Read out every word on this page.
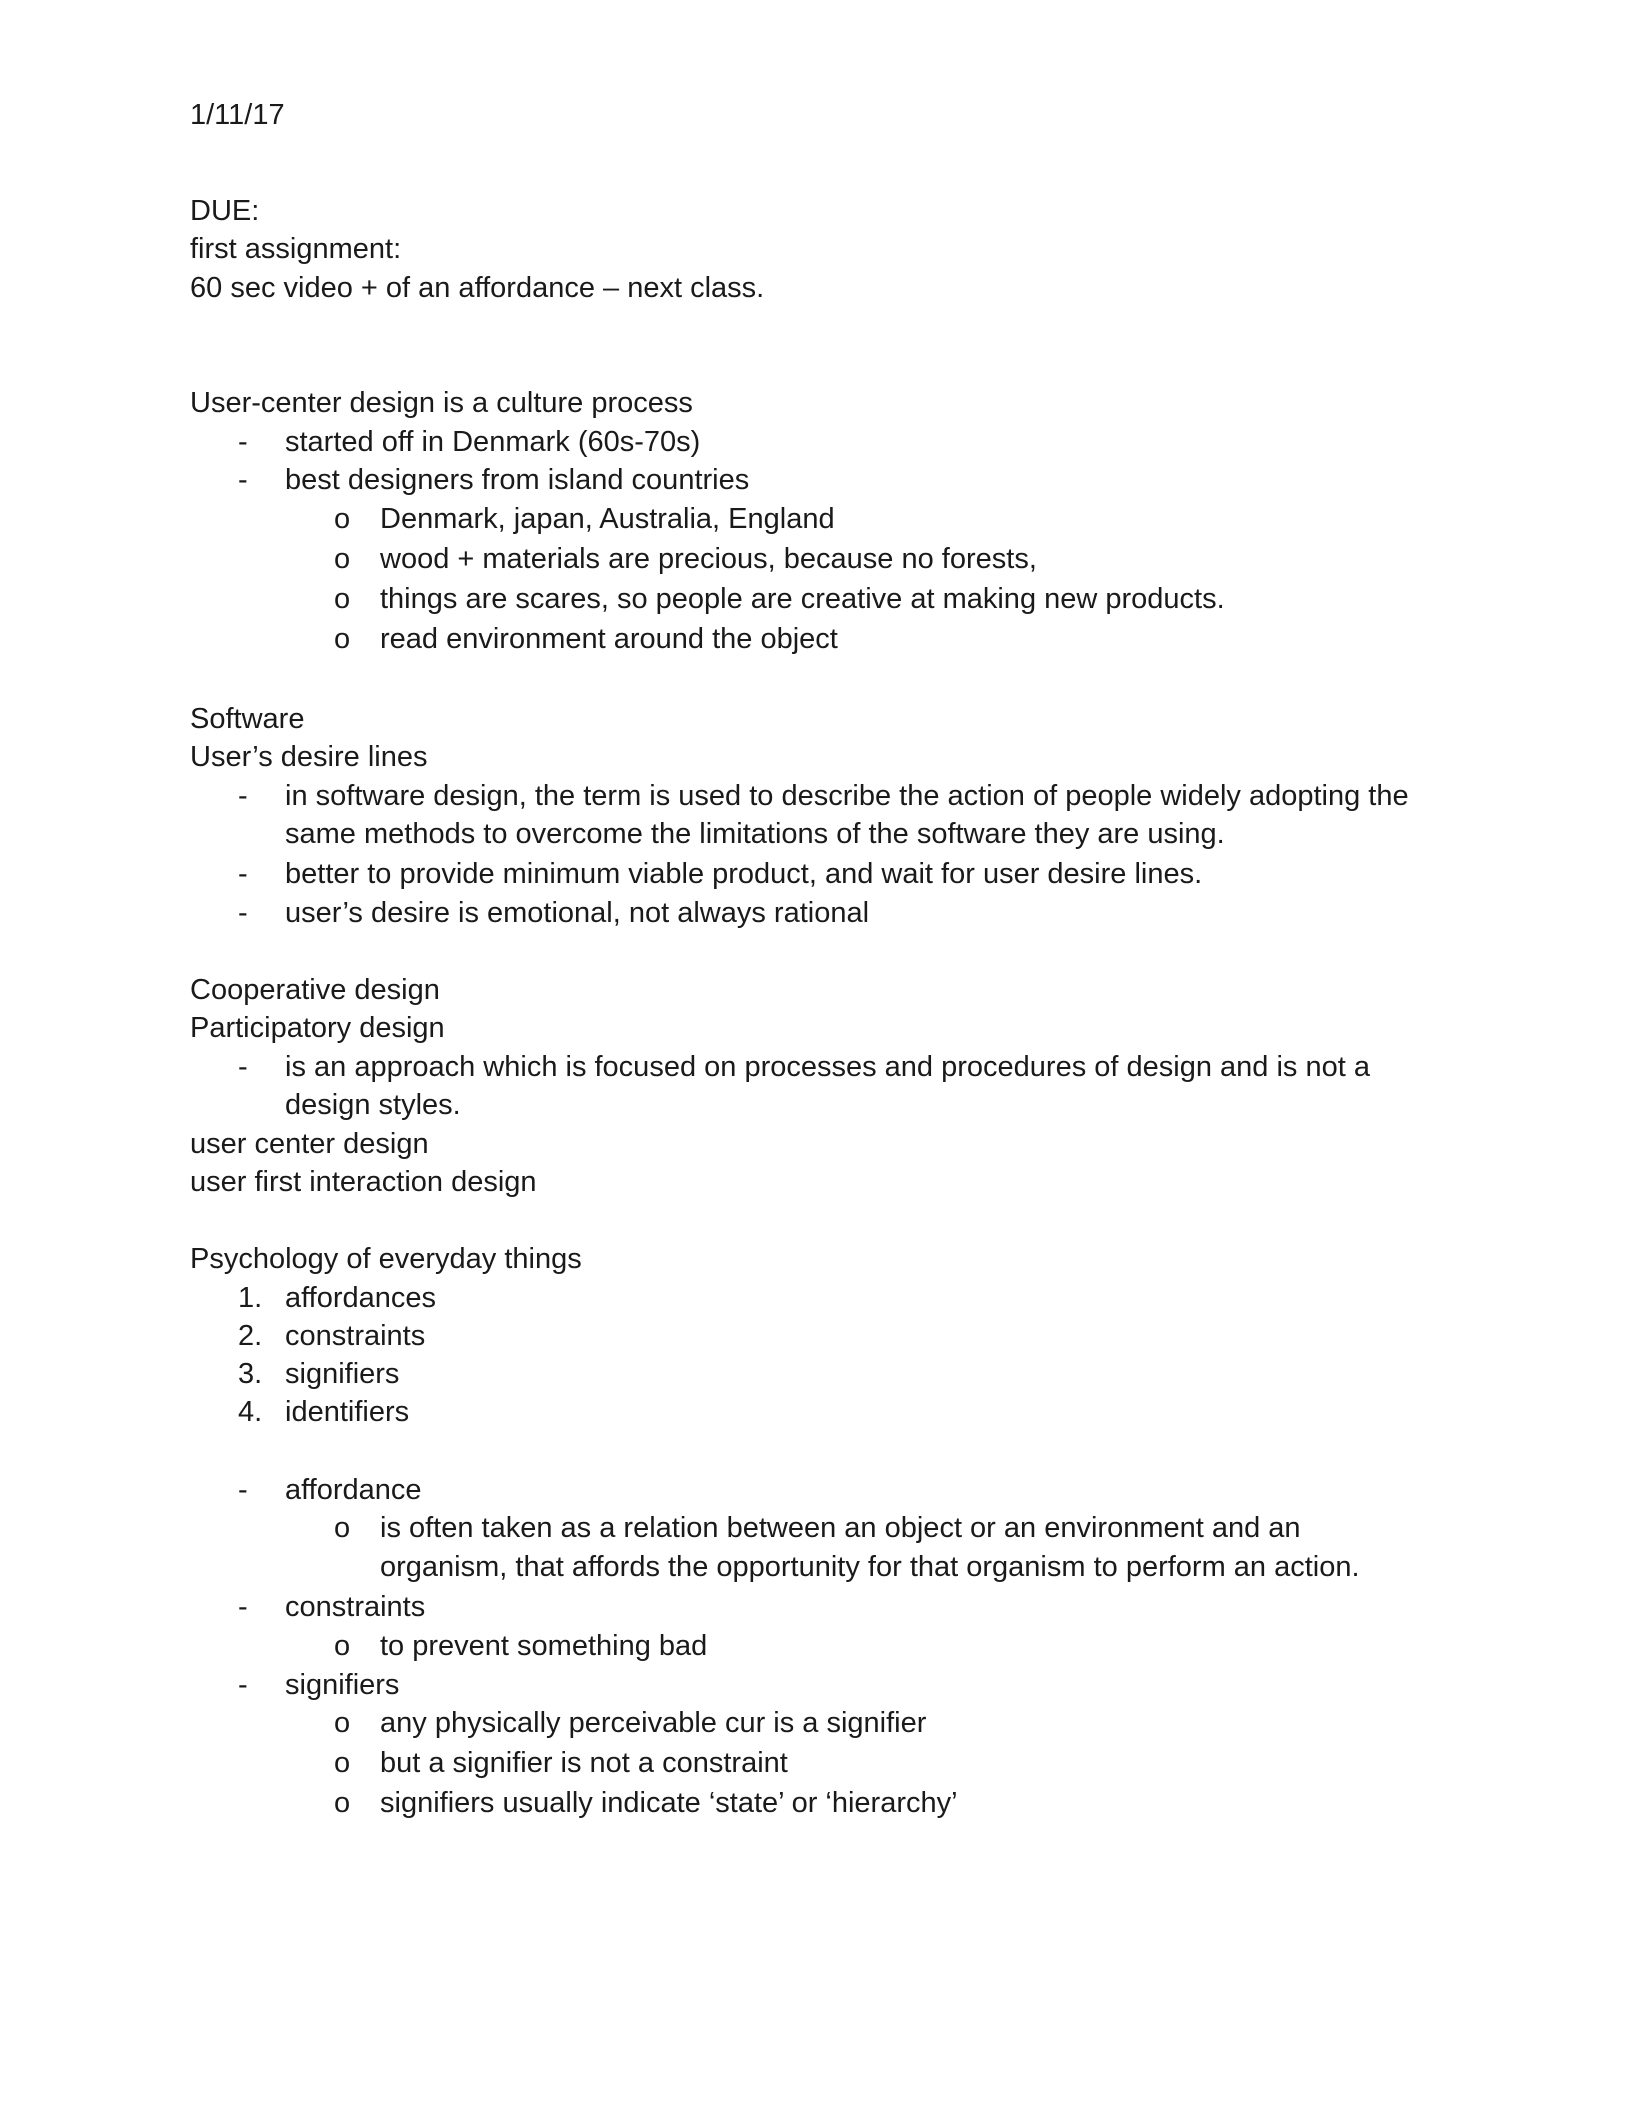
1/11/17
DUE:
first assignment:
60 sec video + of an affordance – next class.
User-center design is a culture process
- started off in Denmark (60s-70s)
- best designers from island countries
o Denmark, japan, Australia, England
o wood + materials are precious, because no forests,
o things are scares, so people are creative at making new products.
o read environment around the object
Software
User’s desire lines
- in software design, the term is used to describe the action of people widely adopting the
same methods to overcome the limitations of the software they are using.
- better to provide minimum viable product, and wait for user desire lines.
- user’s desire is emotional, not always rational
Cooperative design
Participatory design
- is an approach which is focused on processes and procedures of design and is not a
design styles.
user center design
user first interaction design
Psychology of everyday things
1. affordances
2. constraints
3. signifiers
4. identifiers
- affordance
o is often taken as a relation between an object or an environment and an
organism, that affords the opportunity for that organism to perform an action.
- constraints
o to prevent something bad
- signifiers
o any physically perceivable cur is a signifier
o but a signifier is not a constraint
o signifiers usually indicate ‘state’ or ‘hierarchy’
